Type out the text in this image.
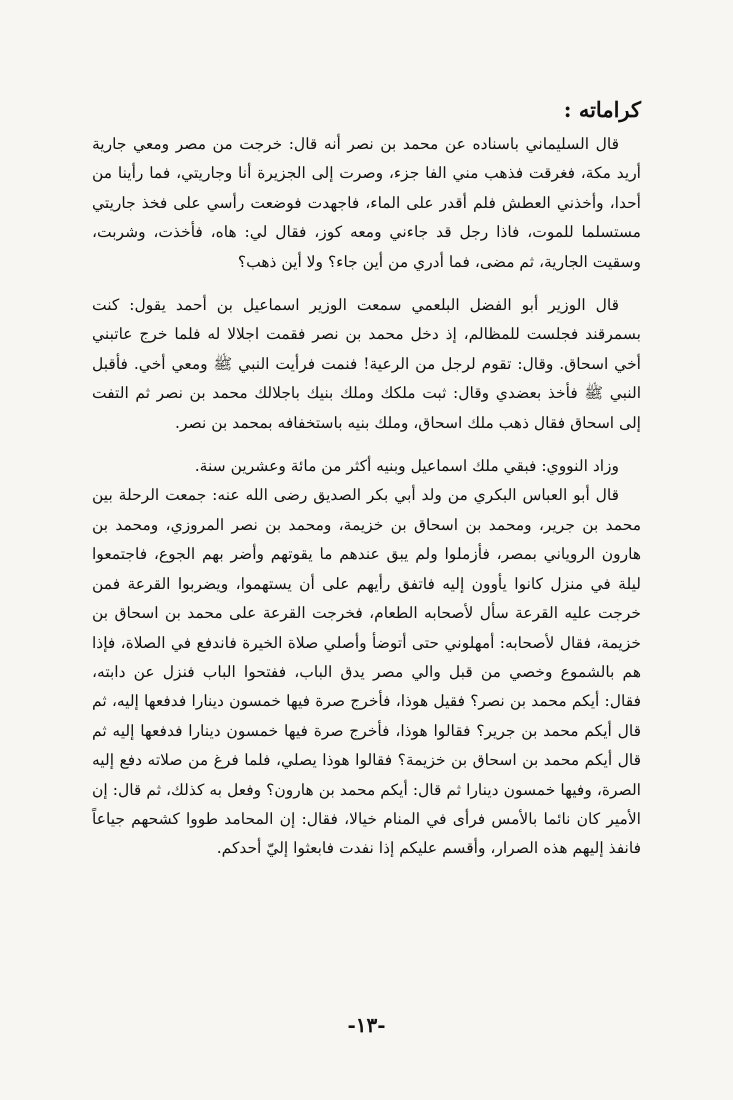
كراماته :

قال السليماني باسناده عن محمد بن نصر أنه قال: خرجت من مصر ومعي جارية أريد مكة، فغرقت فذهب مني الفا جزء، وصرت إلى الجزيرة أنا وجاريتي، فما رأينا من أحدا، وأخذني العطش فلم أقدر على الماء، فاجهدت فوضعت رأسي على فخذ جاريتي مستسلما للموت، فاذا رجل قد جاءني ومعه كوز، فقال لي: هاه، فأخذت، وشربت، وسقيت الجارية، ثم مضى، فما أدري من أين جاء؟ ولا أين ذهب؟

قال الوزير أبو الفضل البلعمي سمعت الوزير اسماعيل بن أحمد يقول: كنت بسمرقند فجلست للمظالم، إذ دخل محمد بن نصر فقمت اجلالا له فلما خرج عاتبني أخي اسحاق. وقال: تقوم لرجل من الرعية! فنمت فرأيت النبي ﷺ ومعي أخي. فأقبل النبي ﷺ فأخذ بعضدي وقال: ثبت ملكك وملك بنيك باجلالك محمد بن نصر ثم التفت إلى اسحاق فقال ذهب ملك اسحاق، وملك بنيه باستخفافه بمحمد بن نصر.

وزاد النووي: فبقي ملك اسماعيل وبنيه أكثر من مائة وعشرين سنة.

قال أبو العباس البكري من ولد أبي بكر الصديق رضى الله عنه: جمعت الرحلة بين محمد بن جرير، ومحمد بن اسحاق بن خزيمة، ومحمد بن نصر المروزي، ومحمد بن هارون الروياني بمصر، فأزملوا ولم يبق عندهم ما يقوتهم وأضر بهم الجوع، فاجتمعوا ليلة في منزل كانوا يأوون إليه فاتفق رأيهم على أن يستهموا، ويضربوا القرعة فمن خرجت عليه القرعة سأل لأصحابه الطعام، فخرجت القرعة على محمد بن اسحاق بن خزيمة، فقال لأصحابه: أمهلوني حتى أتوضأ وأصلي صلاة الخيرة فاندفع في الصلاة، فإذا هم بالشموع وخصي من قبل والي مصر يدق الباب، ففتحوا الباب فنزل عن دابته، فقال: أيكم محمد بن نصر؟ فقيل هوذا، فأخرج صرة فيها خمسون دينارا فدفعها إليه، ثم قال أيكم محمد بن جرير؟ فقالوا هوذا، فأخرج صرة فيها خمسون دينارا فدفعها إليه ثم قال أيكم محمد بن اسحاق بن خزيمة؟ فقالوا هوذا يصلي، فلما فرغ من صلاته دفع إليه الصرة، وفيها خمسون دينارا ثم قال: أيكم محمد بن هارون؟ وفعل به كذلك، ثم قال: إن الأمير كان نائما بالأمس فرأى في المنام خيالا، فقال: إن المحامد طووا كشحهم جياعاً فانفذ إليهم هذه الصرار، وأقسم عليكم إذا نفدت فابعثوا إليّ أحدكم.

-١٣-
